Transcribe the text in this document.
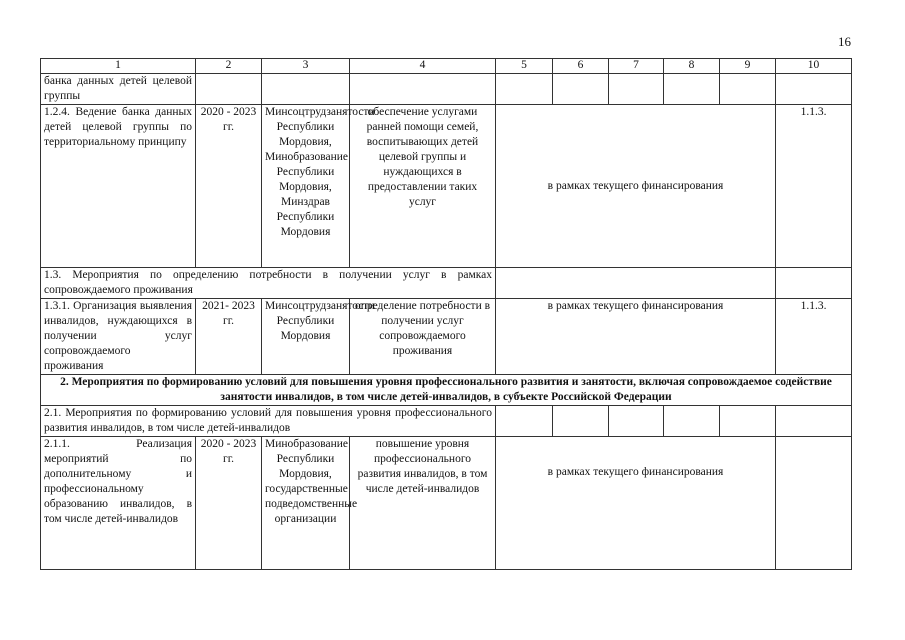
16
1	2	3	4	5	6	7	8	9	10
банка данных детей целевой группы									
1.2.4. Ведение банка данных детей целевой группы по территориальному принципу	2020 - 2023 гг.	Минсоцтрудзанятости Республики Мордовия, Минобразование Республики Мордовия, Минздрав Республики Мордовия	обеспечение услугами ранней помощи семей, воспитывающих детей целевой группы и нуждающихся в предоставлении таких услуг	в рамках текущего финансирования					1.1.3.
1.3. Мероприятия по определению потребности в получении услуг в рамках сопровождаемого проживания									
1.3.1. Организация выявления инвалидов, нуждающихся в получении услуг сопровождаемого проживания	2021- 2023 гг.	Минсоцтрудзанятости Республики Мордовия	определение потребности в получении услуг сопровождаемого проживания	в рамках текущего финансирования					1.1.3.
2. Мероприятия по формированию условий для повышения уровня профессионального развития и занятости, включая сопровождаемое содействие занятости инвалидов, в том числе детей-инвалидов, в субъекте Российской Федерации									
2.1. Мероприятия по формированию условий для повышения уровня профессионального развития инвалидов, в том числе детей-инвалидов									
2.1.1. Реализация мероприятий по дополнительному и профессиональному образованию инвалидов, в том числе детей-инвалидов	2020 - 2023 гг.	Минобразование Республики Мордовия, государственные подведомственные организации	повышение уровня профессионального развития инвалидов, в том числе детей-инвалидов	в рамках текущего финансирования					
